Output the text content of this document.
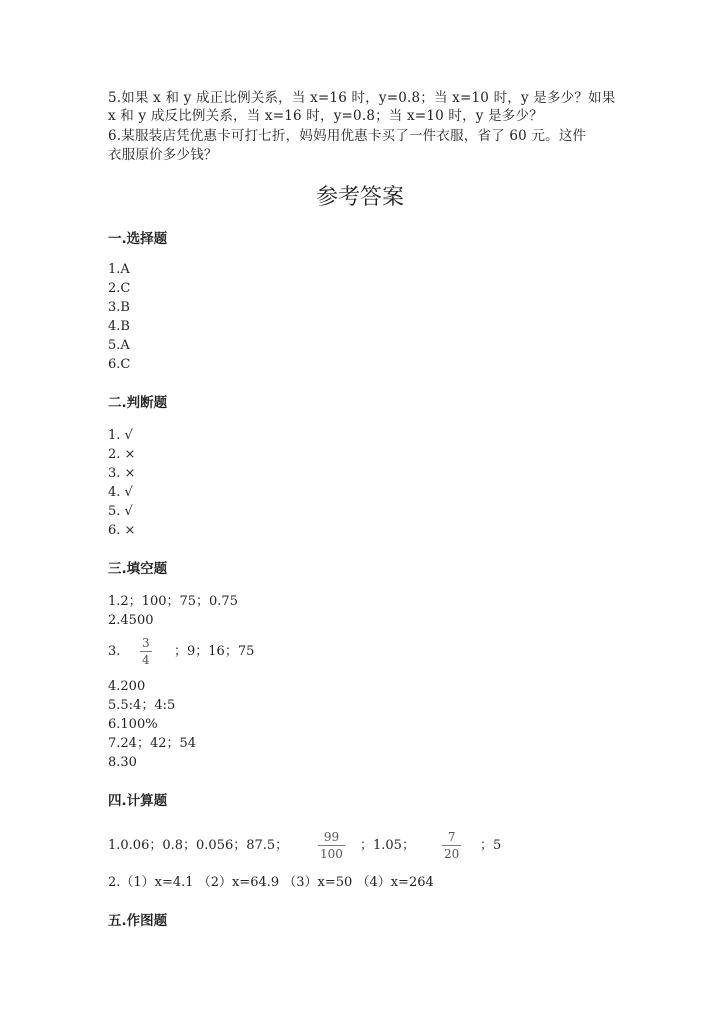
5.如果 x 和 y 成正比例关系，当 x=16 时，y=0.8；当 x=10 时，y 是多少？如果
x 和 y 成反比例关系，当 x=16 时，y=0.8；当 x=10 时，y 是多少？
6.某服装店凭优惠卡可打七折，妈妈用优惠卡买了一件衣服，省了 60 元。这件
衣服原价多少钱？
参考答案
一.选择题
1.A
2.C
3.B
4.B
5.A
6.C
二.判断题
1. √
2. ×
3. ×
4. √
5. √
6. ×
三.填空题
1.2；100；75；0.75
2.4500
3.
3
4
；9；16；75
4.200
5.5:4；4:5
6.100%
7.24；42；54
8.30
四.计算题
1.0.06；0.8；0.056；87.5；
99
100
；1.05；
7
20
；5
2.（1）x=4.1 （2）x=64.9 （3）x=50 （4）x=264
五.作图题
